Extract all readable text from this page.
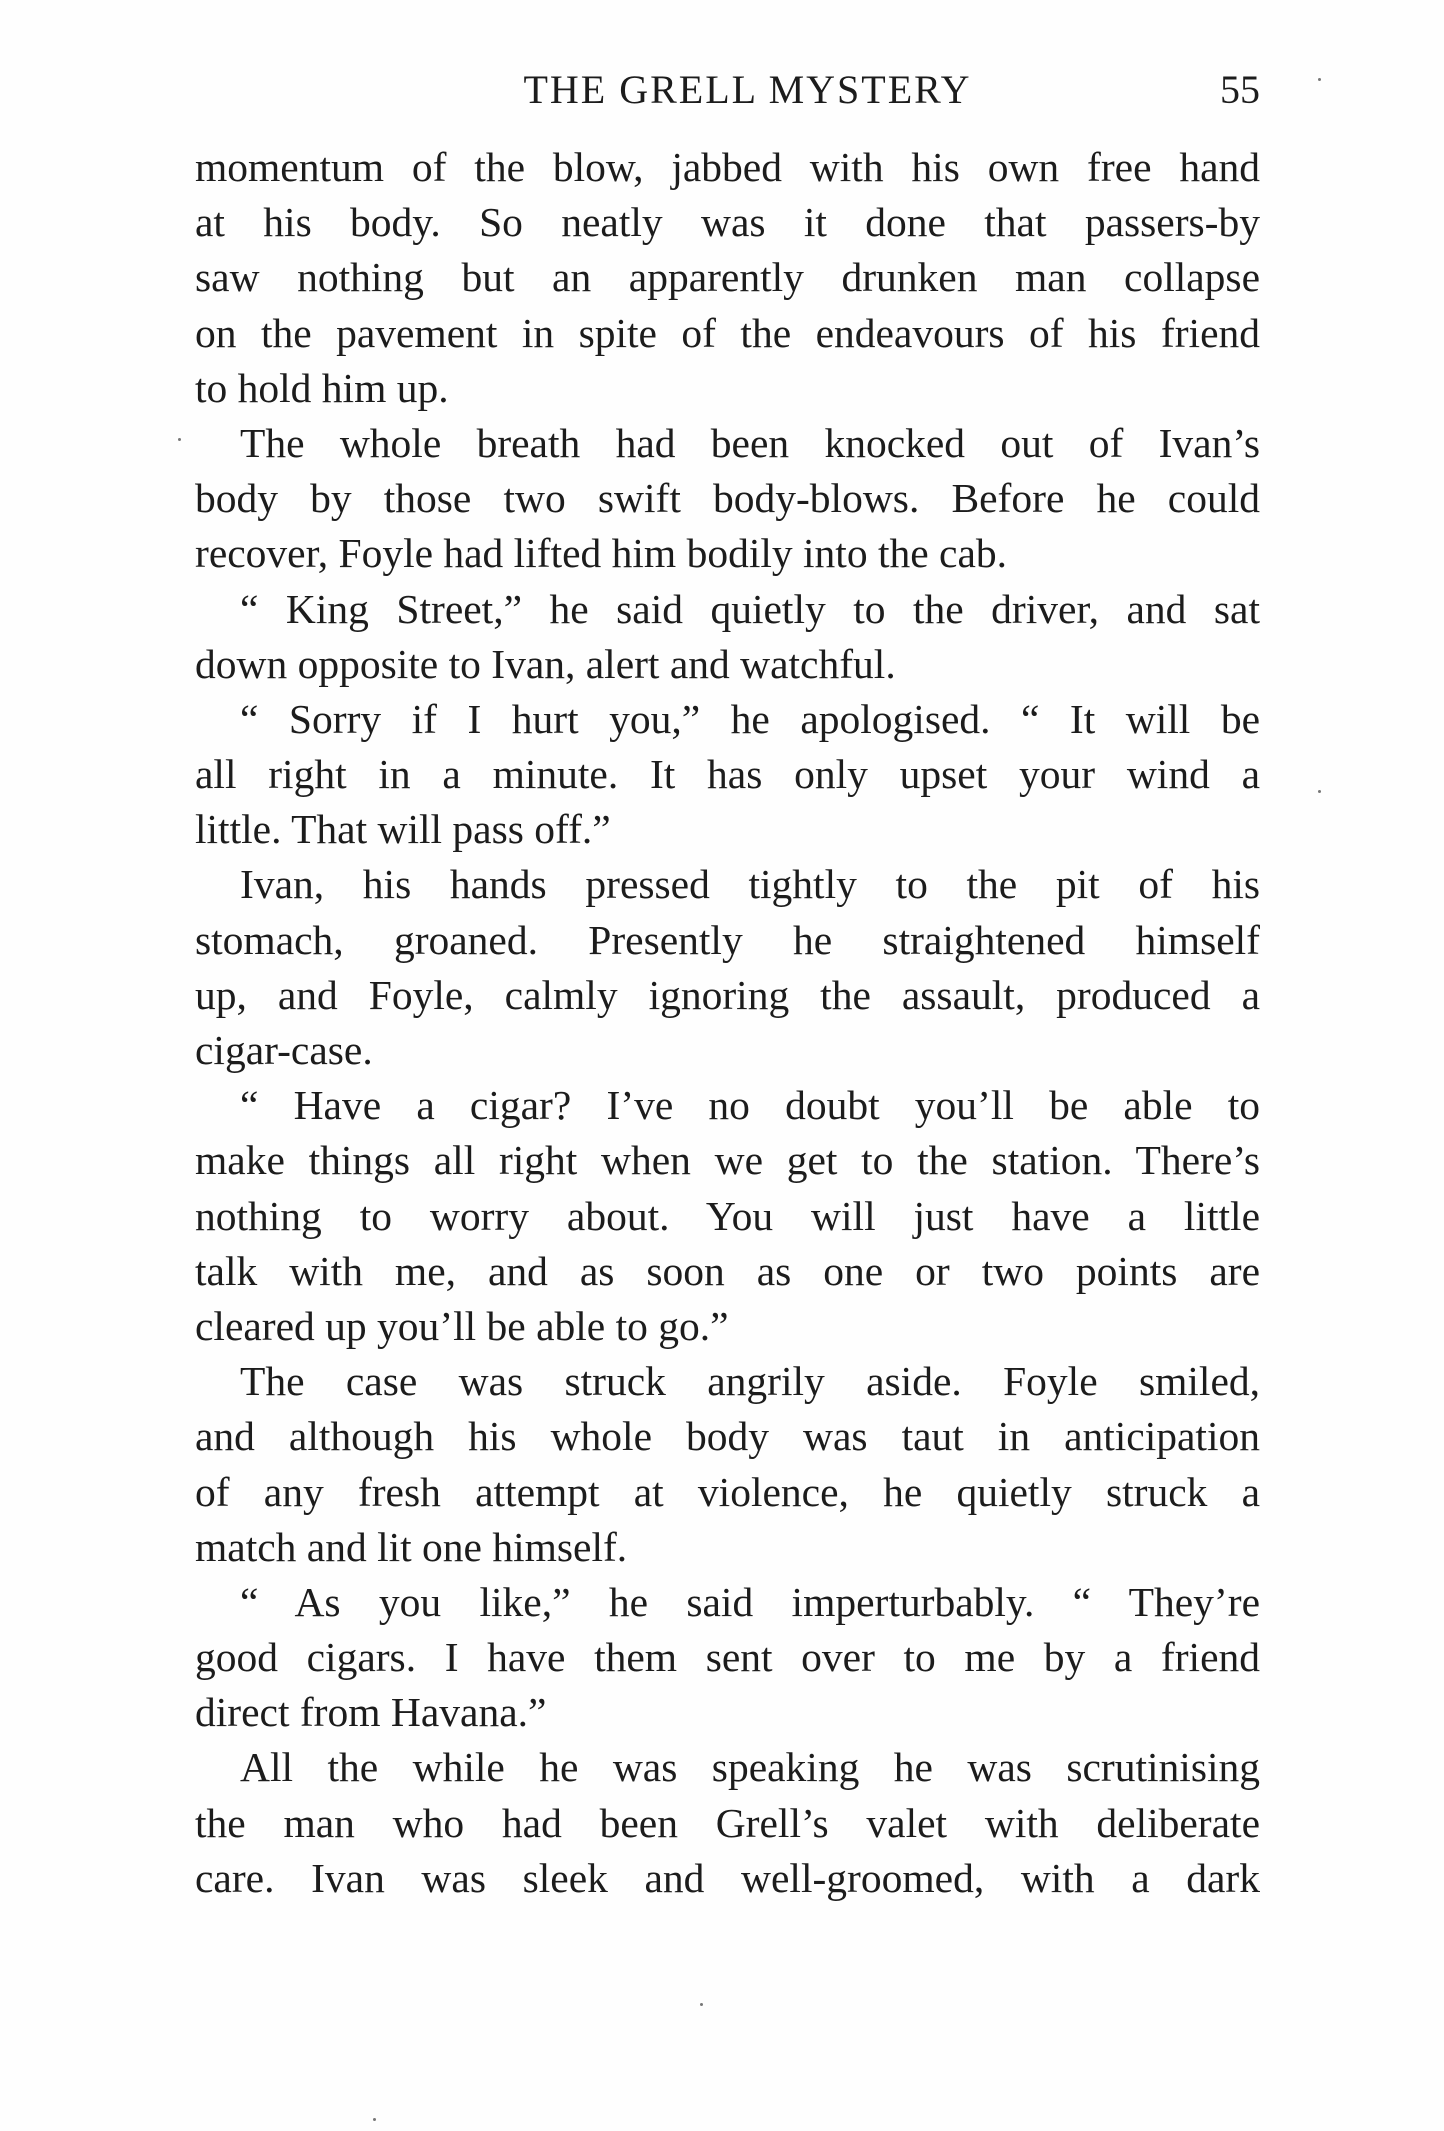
THE GRELL MYSTERY	55
momentum of the blow, jabbed with his own free hand
at his body. So neatly was it done that passers-by
saw nothing but an apparently drunken man collapse
on the pavement in spite of the endeavours of his friend
to hold him up.
The whole breath had been knocked out of Ivan’s
body by those two swift body-blows. Before he could
recover, Foyle had lifted him bodily into the cab.
“ King Street,” he said quietly to the driver, and sat
down opposite to Ivan, alert and watchful.
“ Sorry if I hurt you,” he apologised. “ It will be
all right in a minute. It has only upset your wind a
little. That will pass off.”
Ivan, his hands pressed tightly to the pit of his
stomach, groaned. Presently he straightened himself
up, and Foyle, calmly ignoring the assault, produced a
cigar-case.
“ Have a cigar? I’ve no doubt you’ll be able to
make things all right when we get to the station. There’s
nothing to worry about. You will just have a little
talk with me, and as soon as one or two points are
cleared up you’ll be able to go.”
The case was struck angrily aside. Foyle smiled,
and although his whole body was taut in anticipation
of any fresh attempt at violence, he quietly struck a
match and lit one himself.
“ As you like,” he said imperturbably. “ They’re
good cigars. I have them sent over to me by a friend
direct from Havana.”
All the while he was speaking he was scrutinising
the man who had been Grell’s valet with deliberate
care. Ivan was sleek and well-groomed, with a dark
